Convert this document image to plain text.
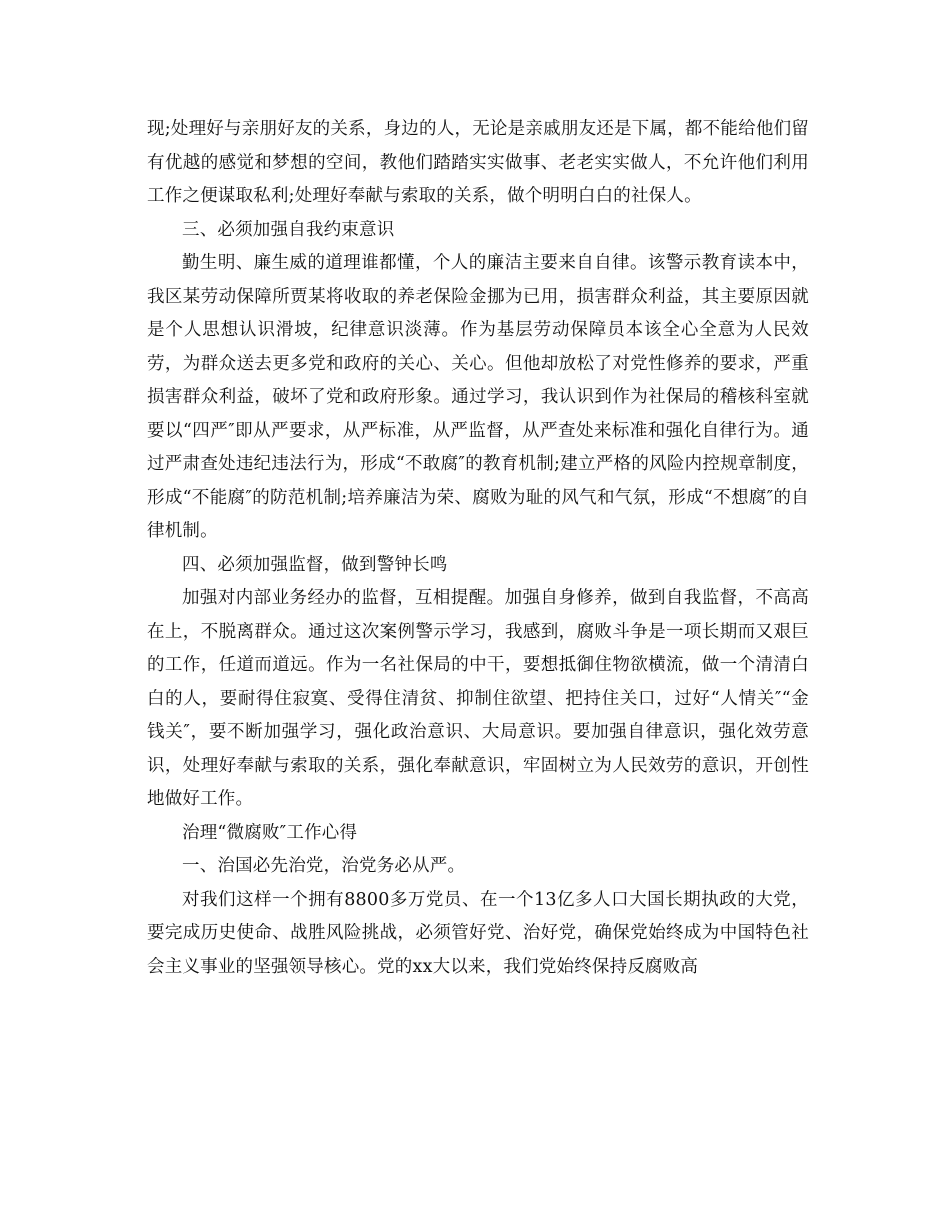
现;处理好与亲朋好友的关系，身边的人，无论是亲戚朋友还是下属，都不能给他们留有优越的感觉和梦想的空间，教他们踏踏实实做事、老老实实做人，不允许他们利用工作之便谋取私利;处理好奉献与索取的关系，做个明明白白的社保人。

三、必须加强自我约束意识

勤生明、廉生威的道理谁都懂，个人的廉洁主要来自自律。该警示教育读本中，我区某劳动保障所贾某将收取的养老保险金挪为已用，损害群众利益，其主要原因就是个人思想认识滑坡，纪律意识淡薄。作为基层劳动保障员本该全心全意为人民效劳，为群众送去更多党和政府的关心、关心。但他却放松了对党性修养的要求，严重损害群众利益，破坏了党和政府形象。通过学习，我认识到作为社保局的稽核科室就要以“四严″即从严要求，从严标准，从严监督，从严查处来标准和强化自律行为。通过严肃查处违纪违法行为，形成“不敢腐″的教育机制;建立严格的风险内控规章制度，形成“不能腐″的防范机制;培养廉洁为荣、腐败为耻的风气和气氛，形成“不想腐″的自律机制。

四、必须加强监督，做到警钟长鸣

加强对内部业务经办的监督，互相提醒。加强自身修养，做到自我监督，不高高在上，不脱离群众。通过这次案例警示学习，我感到，腐败斗争是一项长期而又艰巨的工作，任道而道远。作为一名社保局的中干，要想抵御住物欲横流，做一个清清白白的人，要耐得住寂寞、受得住清贫、抑制住欲望、把持住关口，过好“人情关″“金钱关″，要不断加强学习，强化政治意识、大局意识。要加强自律意识，强化效劳意识，处理好奉献与索取的关系，强化奉献意识，牢固树立为人民效劳的意识，开创性地做好工作。

治理“微腐败″工作心得

一、治国必先治党，治党务必从严。

对我们这样一个拥有8800多万党员、在一个13亿多人口大国长期执政的大党，要完成历史使命、战胜风险挑战，必须管好党、治好党，确保党始终成为中国特色社会主义事业的坚强领导核心。党的xx大以来，我们党始终保持反腐败高
